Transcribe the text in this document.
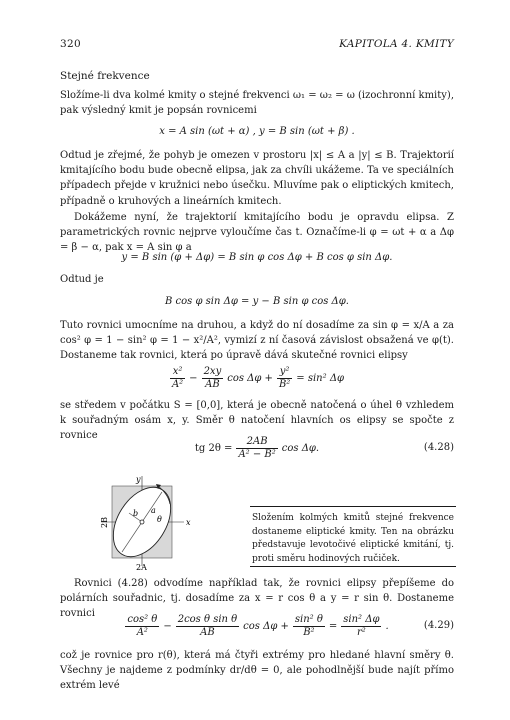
320	KAPITOLA 4. KMITY
Stejné frekvence
Složíme-li dva kolmé kmity o stejné frekvenci ω₁ = ω₂ = ω (izochronní kmity), pak výsledný kmit je popsán rovnicemi
x = A sin (ωt + α) , y = B sin (ωt + β) .
Odtud je zřejmé, že pohyb je omezen v prostoru |x| ≤ A a |y| ≤ B. Trajektorií kmitajícího bodu bude obecně elipsa, jak za chvíli ukážeme. Ta ve speciálních případech přejde v kružnici nebo úsečku. Mluvíme pak o eliptických kmitech, případně o kruhových a lineárních kmitech.
Dokážeme nyní, že trajektorií kmitajícího bodu je opravdu elipsa. Z parametrických rovnic nejprve vyloučíme čas t. Označíme-li φ = ωt + α a Δφ = β − α, pak x = A sin φ a
y = B sin (φ + Δφ) = B sin φ cos Δφ + B cos φ sin Δφ.
Odtud je
B cos φ sin Δφ = y − B sin φ cos Δφ.
Tuto rovnici umocníme na druhou, a když do ní dosadíme za sin φ = x/A a za cos² φ = 1 − sin² φ = 1 − x²/A², vymizí z ní časová závislost obsažená ve φ(t). Dostaneme tak rovnici, která po úpravě dává skutečné rovnici elipsy
$\frac{\text{x²}}{\text{A²}} - \frac{2xy}{AB}$ $\cos \Delta\varphi + \frac{\text{y²}}{\text{B²}} = \sin^2$ Δφ
se středem v počátku S = [0,0], která je obecně natočená o úhel θ vzhledem k souřadným osám x, y. Směr θ natočení hlavních os elipsy se spočte z rovnice
tg $2\theta = \frac{2AB}{\text{A² − B²}}$ cos Δφ.	(4.28)
y
x
a
b
θ
2B
2A
Složením kolmých kmitů stejné frekvence dostaneme eliptické kmity. Ten na obrázku představuje levotočivé eliptické kmitání, tj. proti směru hodinových ručiček.
Rovnici (4.28) odvodíme například tak, že rovnici elipsy přepíšeme do polárních souřadnic, tj. dosadíme za x = r cos θ a y = r sin θ. Dostaneme rovnici
$\frac{\text{cos² θ}}{\text{A²}} - \frac{\text{2cos θ sin θ}}{AB}$ $\cos \Delta\varphi + \frac{\text{sin² θ}}{\text{B²}} = \frac{\text{sin² Δφ}}{\text{r²}}$ .	(4.29)
což je rovnice pro r(θ), která má čtyři extrémy pro hledané hlavní směry θ. Všechny je najdeme z podmínky dr/dθ = 0, ale pohodlnější bude najít přímo extrém levé
